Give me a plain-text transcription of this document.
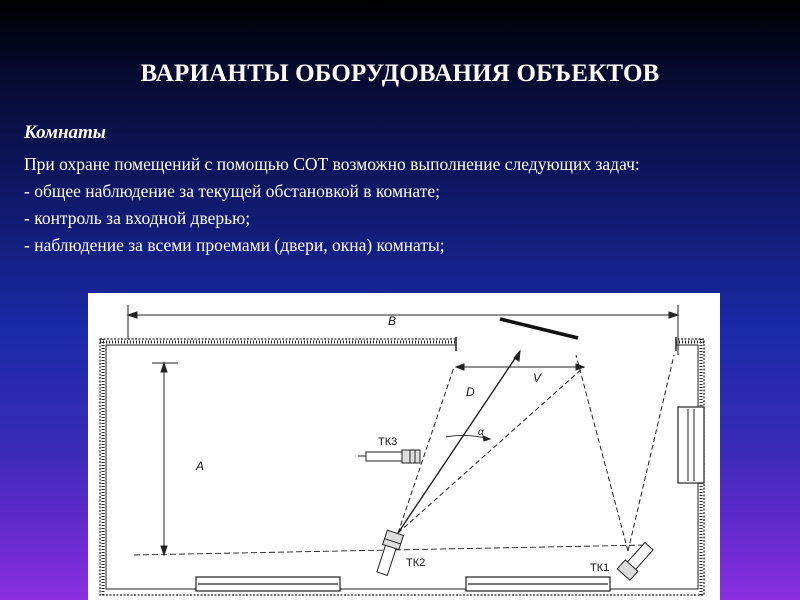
ВАРИАНТЫ ОБОРУДОВАНИЯ ОБЪЕКТОВ
Комнаты
При охране помещений с помощью СОТ возможно выполнение следующих задач:
- общее наблюдение за текущей обстановкой в комнате;
- контроль за входной дверью;
- наблюдение за всеми проемами (двери, окна) комнаты;
B
A
V
α
D
ТК3
ТК2	ТК1
